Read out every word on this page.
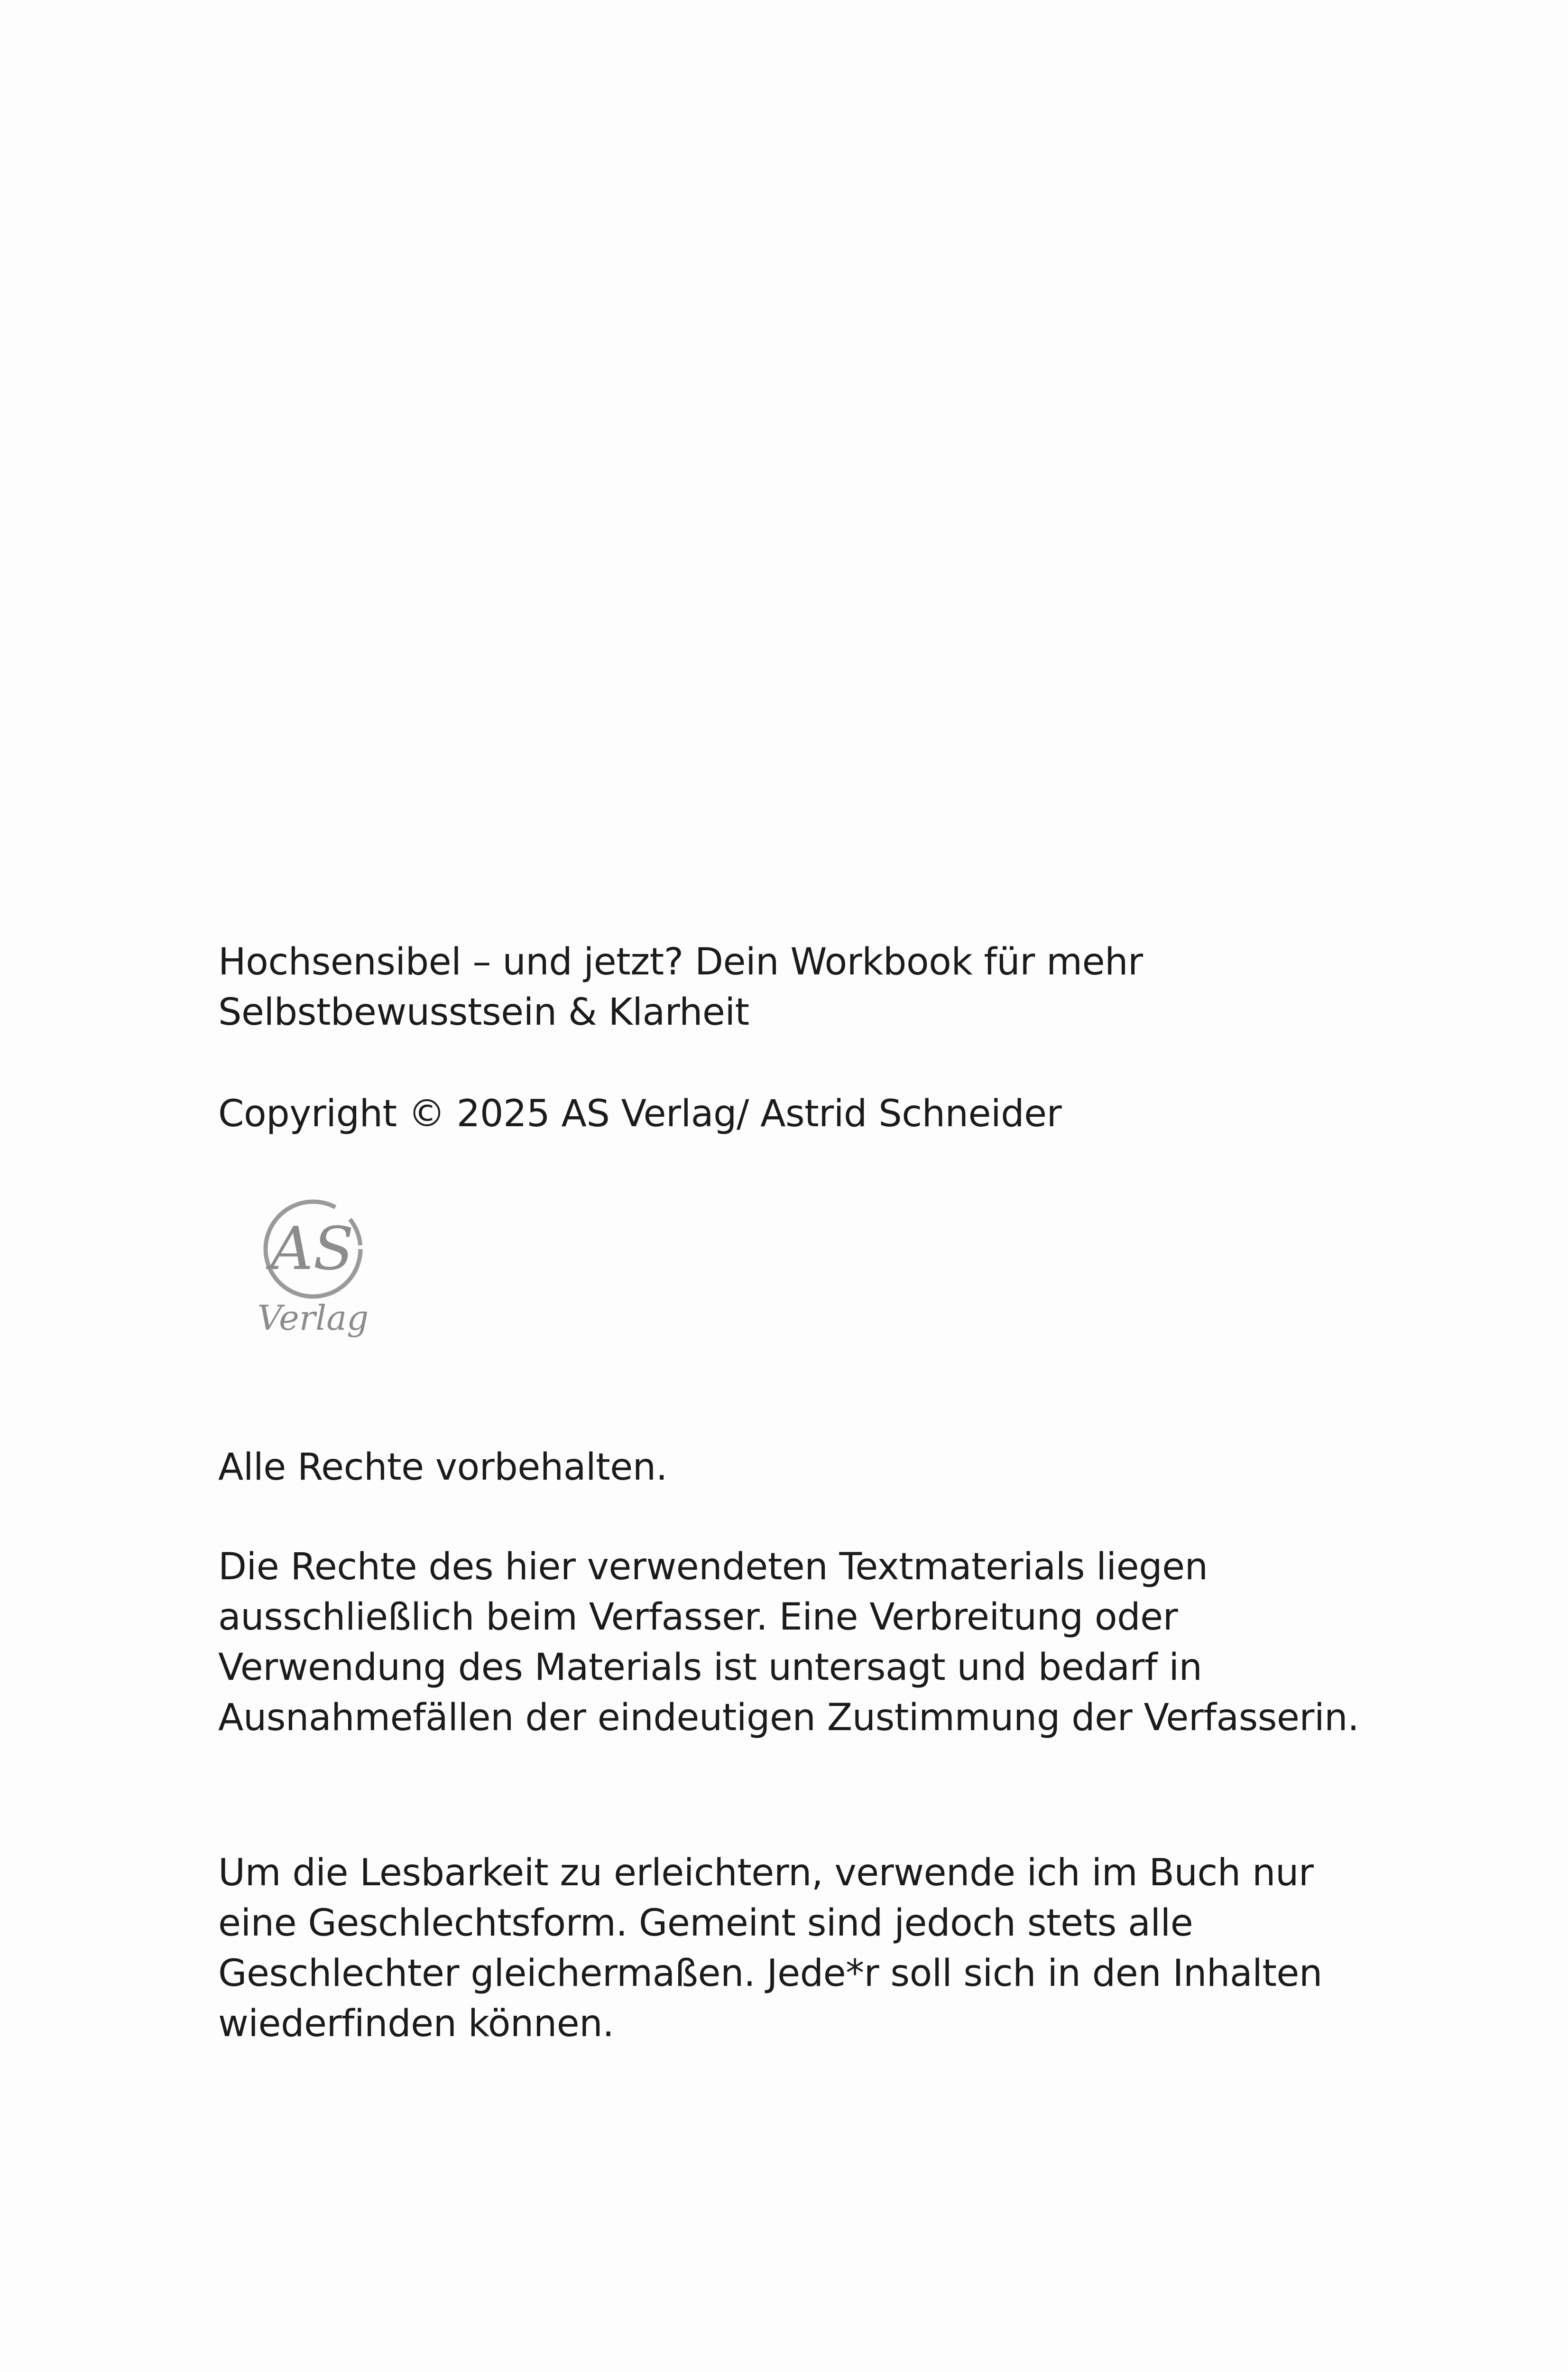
Hochsensibel – und jetzt? Dein Workbook für mehr
Selbstbewusstsein & Klarheit
Copyright © 2025 AS Verlag/ Astrid Schneider
AS
Verlag
Alle Rechte vorbehalten.
Die Rechte des hier verwendeten Textmaterials liegen
ausschließlich beim Verfasser. Eine Verbreitung oder
Verwendung des Materials ist untersagt und bedarf in
Ausnahmefällen der eindeutigen Zustimmung der Verfasserin.
Um die Lesbarkeit zu erleichtern, verwende ich im Buch nur
eine Geschlechtsform. Gemeint sind jedoch stets alle
Geschlechter gleichermaßen. Jede*r soll sich in den Inhalten
wiederfinden können.
